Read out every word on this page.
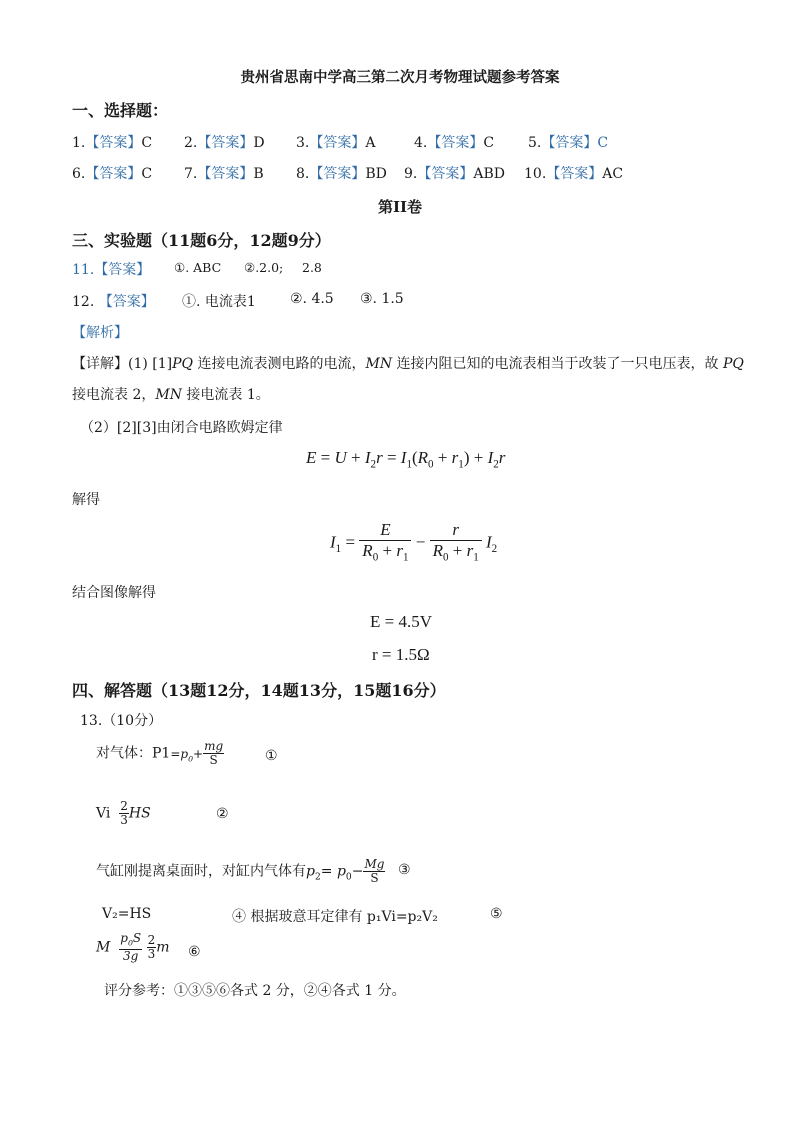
贵州省思南中学高三第二次月考物理试题参考答案
一、选择题：
1.【答案】C 2.【答案】D 3.【答案】A	4.【答案】C 5.【答案】C
6.【答案】C 7.【答案】B 8.【答案】BD 9.【答案】ABD 10.【答案】AC
第II卷
三、实验题（11题6分，12题9分）
11.【答案】 ①. ABC ②.2.0; 2.8
12. 【答案】 ①. 电流表1 ②. 4.5 ③. 1.5
【解析】
【详解】(1) [1]PQ 连接电流表测电路的电流，MN 连接内阻已知的电流表相当于改装了一只电压表，故 PQ
接电流表 2，MN 接电流表 1。
（2）[2][3]由闭合电路欧姆定律
$E = U + I_2r = I_1(R_0 + r_1) + I_2r$
解得
$I_1 = \frac{E}{R_0 + r_1} - \frac{r}{R_0 + r_1} I_2$
结合图像解得
E = 4.5V
r = 1.5Ω
四、解答题（13题12分，14题13分，15题16分）
13.（10分）
对气体：$P1=p_0+ \frac{mg}{S}$	①
Vi $\frac{2}{3}$ HS	②
气缸刚提离桌面时，对缸内气体有$p_2= p_0- \frac{Mg}{S}$ ③
V₂=HS	④ 根据玻意耳定律有 p₁Vi=p₂V₂	⑤
M $\frac{p_0S}{3g}$
$\frac{2}{3}$ m ⑥
评分参考：①③⑤⑥各式 2 分，②④各式 1 分。
